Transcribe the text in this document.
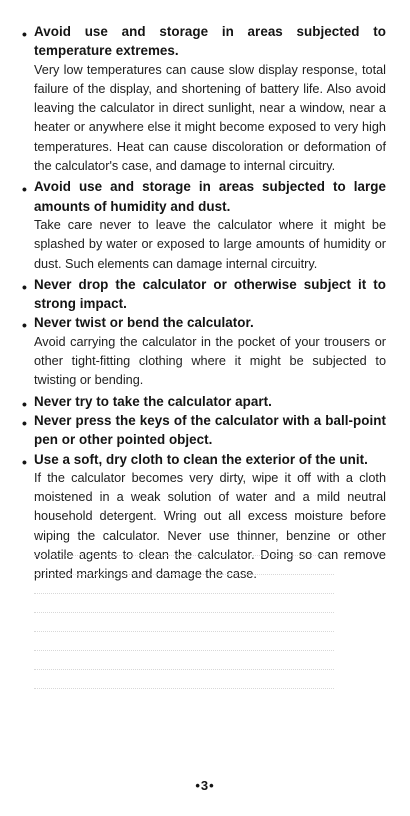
• Avoid use and storage in areas subjected to temperature extremes.

Very low temperatures can cause slow display response, total failure of the display, and shortening of battery life. Also avoid leaving the calculator in direct sunlight, near a window, near a heater or anywhere else it might become exposed to very high temperatures. Heat can cause discoloration or deformation of the calculator's case, and damage to internal circuitry.

• Avoid use and storage in areas subjected to large amounts of humidity and dust.

Take care never to leave the calculator where it might be splashed by water or exposed to large amounts of humidity or dust. Such elements can damage internal circuitry.

• Never drop the calculator or otherwise subject it to strong impact.

• Never twist or bend the calculator.

Avoid carrying the calculator in the pocket of your trousers or other tight-fitting clothing where it might be subjected to twisting or bending.

• Never try to take the calculator apart.

• Never press the keys of the calculator with a ball-point pen or other pointed object.

• Use a soft, dry cloth to clean the exterior of the unit.

If the calculator becomes very dirty, wipe it off with a cloth moistened in a weak solution of water and a mild neutral household detergent. Wring out all excess moisture before wiping the calculator. Never use thinner, benzine or other volatile agents to clean the calculator. Doing so can remove printed markings and damage the case.

•3•
